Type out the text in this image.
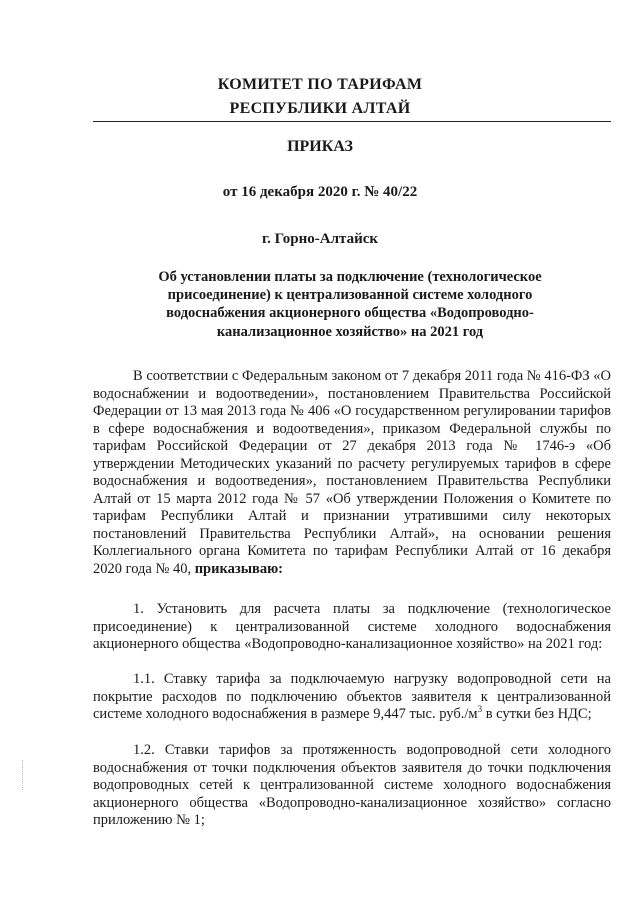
КОМИТЕТ ПО ТАРИФАМ
РЕСПУБЛИКИ АЛТАЙ
ПРИКАЗ
от 16 декабря 2020 г. № 40/22
г. Горно-Алтайск
Об установлении платы за подключение (технологическое присоединение) к централизованной системе холодного водоснабжения акционерного общества «Водопроводно-канализационное хозяйство» на 2021 год

В соответствии с Федеральным законом от 7 декабря 2011 года № 416-ФЗ «О водоснабжении и водоотведении», постановлением Правительства Российской Федерации от 13 мая 2013 года № 406 «О государственном регулировании тарифов в сфере водоснабжения и водоотведения», приказом Федеральной службы по тарифам Российской Федерации от 27 декабря 2013 года № 1746-э «Об утверждении Методических указаний по расчету регулируемых тарифов в сфере водоснабжения и водоотведения», постановлением Правительства Республики Алтай от 15 марта 2012 года № 57 «Об утверждении Положения о Комитете по тарифам Республики Алтай и признании утратившими силу некоторых постановлений Правительства Республики Алтай», на основании решения Коллегиального органа Комитета по тарифам Республики Алтай от 16 декабря 2020 года № 40, приказываю:

1. Установить для расчета платы за подключение (технологическое присоединение) к централизованной системе холодного водоснабжения акционерного общества «Водопроводно-канализационное хозяйство» на 2021 год:

1.1. Ставку тарифа за подключаемую нагрузку водопроводной сети на покрытие расходов по подключению объектов заявителя к централизованной системе холодного водоснабжения в размере 9,447 тыс. $руб./м^3$ в сутки без НДС;

1.2. Ставки тарифов за протяженность водопроводной сети холодного водоснабжения от точки подключения объектов заявителя до точки подключения водопроводных сетей к централизованной системе холодного водоснабжения акционерного общества «Водопроводно-канализационное хозяйство» согласно приложению № 1;
